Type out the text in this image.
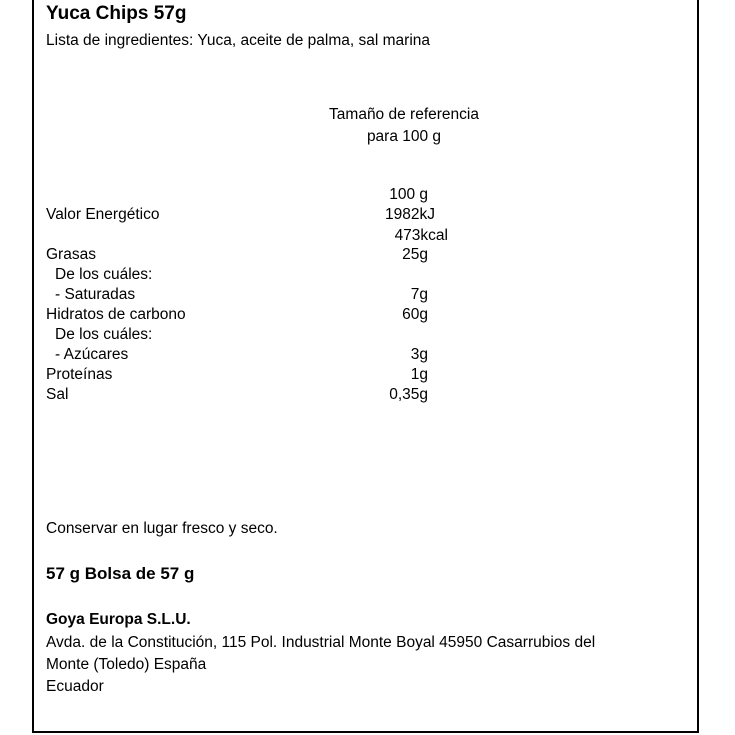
Yuca Chips 57g
Lista de ingredientes: Yuca, aceite de palma, sal marina
Tamaño de referencia
para 100 g
100 g
Valor Energético	1982kJ
473kcal
Grasas	25g
De los cuáles:
- Saturadas	7g
Hidratos de carbono	60g
De los cuáles:
- Azúcares	3g
Proteínas	1g
Sal	0,35g
Conservar en lugar fresco y seco.
57 g Bolsa de 57 g
Goya Europa S.L.U.
Avda. de la Constitución, 115 Pol. Industrial Monte Boyal 45950 Casarrubios del
Monte (Toledo) España
Ecuador
